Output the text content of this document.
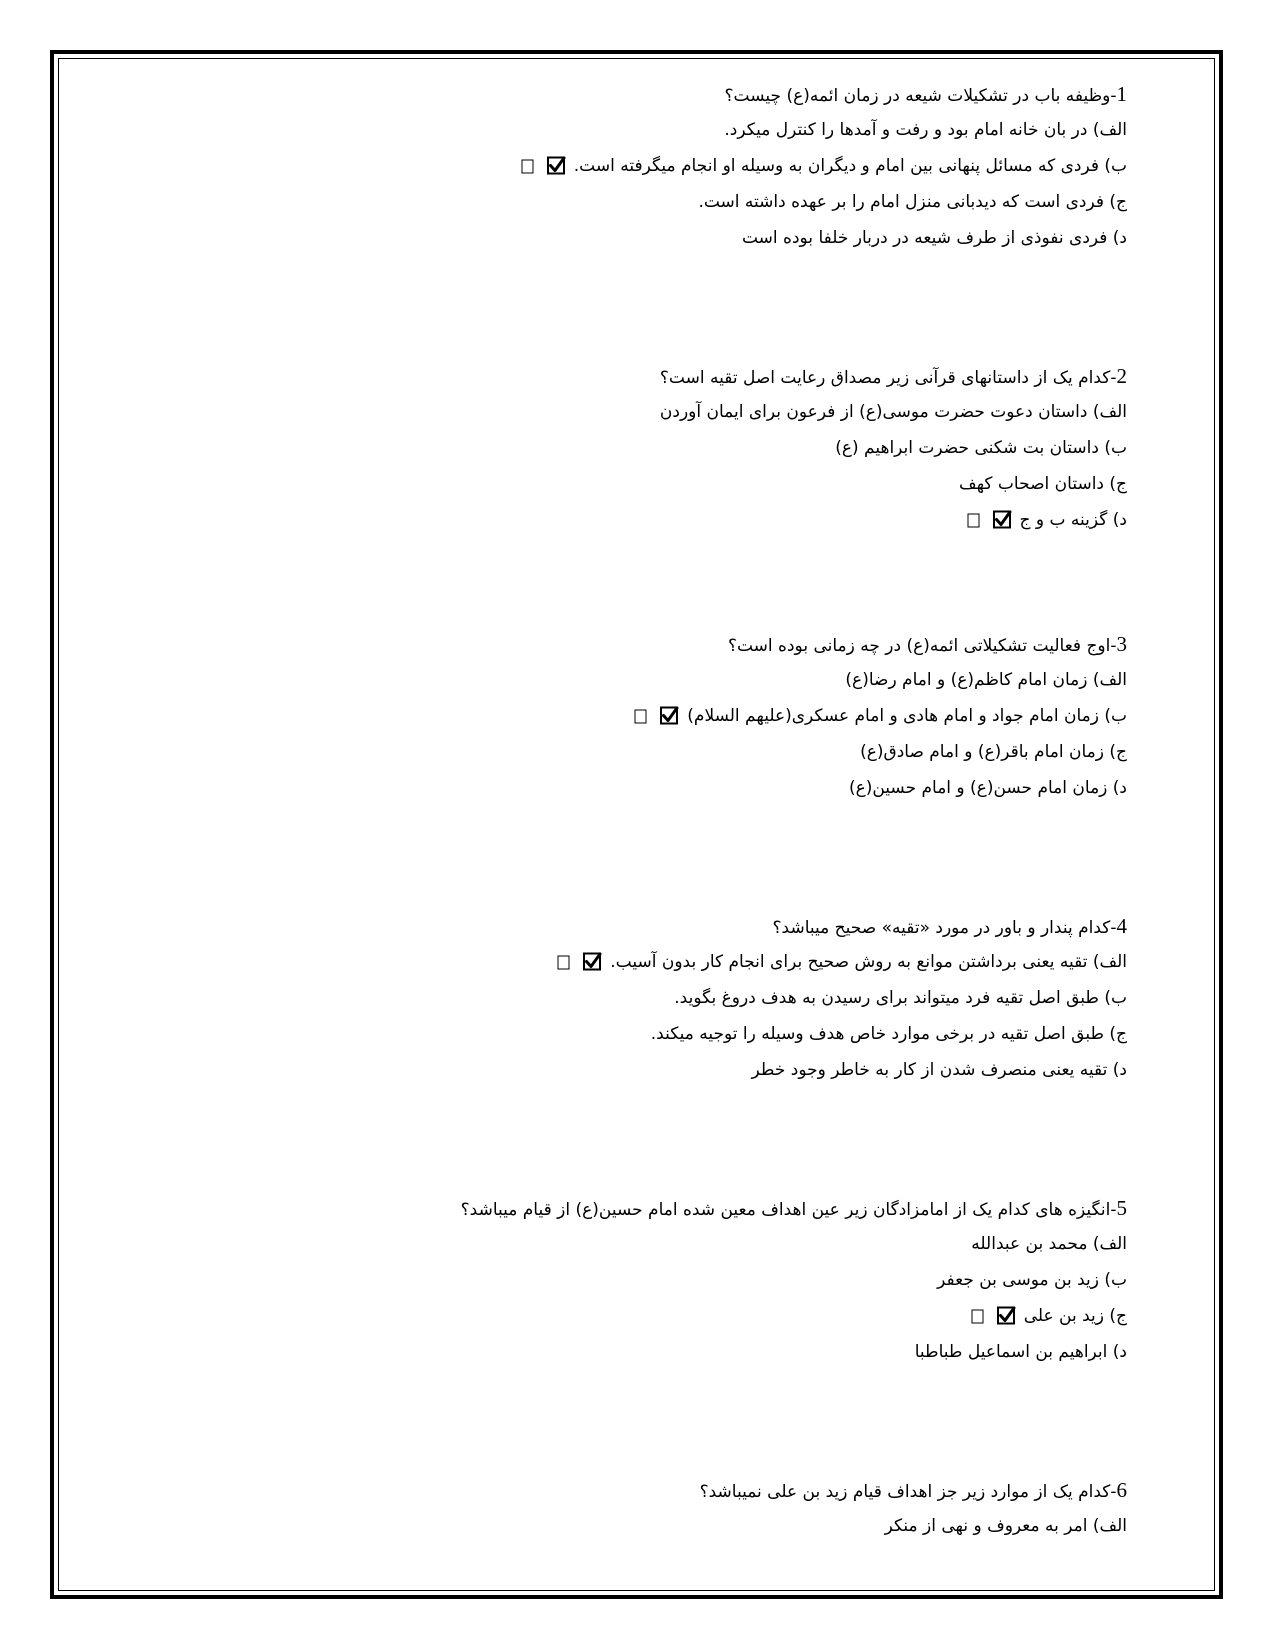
1-وظیفه باب در تشکیلات شیعه در زمان ائمه(ع) چیست؟
الف) در بان خانه امام بود و رفت و آمدها را کنترل میکرد.
ب) فردی که مسائل پنهانی بین امام و دیگران به وسیله او انجام میگرفته است.
ج) فردی است که دیدبانی منزل امام را بر عهده داشته است.
د) فردی نفوذی از طرف شیعه در دربار خلفا بوده است
2-کدام یک از داستانهای قرآنی زیر مصداق رعایت اصل تقیه است؟
الف) داستان دعوت حضرت موسی(ع) از فرعون برای ایمان آوردن
ب) داستان بت شکنی حضرت ابراهیم (ع)
ج) داستان اصحاب کهف
د) گزینه ب و ج
3-اوج فعالیت تشکیلاتی ائمه(ع) در چه زمانی بوده است؟
الف) زمان امام کاظم(ع) و امام رضا(ع)
ب) زمان امام جواد و امام هادی و امام عسکری(علیهم السلام)
ج) زمان امام باقر(ع) و امام صادق(ع)
د) زمان امام حسن(ع) و امام حسین(ع)
4-کدام پندار و باور در مورد «تقیه» صحیح میباشد؟
الف) تقیه یعنی برداشتن موانع به روش صحیح برای انجام کار بدون آسیب.
ب) طبق اصل تقیه فرد میتواند برای رسیدن به هدف دروغ بگوید.
ج) طبق اصل تقیه در برخی موارد خاص هدف وسیله را توجیه میکند.
د) تقیه یعنی منصرف شدن از کار به خاطر وجود خطر
5-انگیزه های کدام یک از امامزادگان زیر عین اهداف معین شده امام حسین(ع) از قیام میباشد؟
الف) محمد بن عبدالله
ب) زید بن موسی بن جعفر
ج) زید بن علی
د) ابراهیم بن اسماعیل طباطبا
6-کدام یک از موارد زیر جز اهداف قیام زید بن علی نمیباشد؟
الف) امر به معروف و نهی از منکر
